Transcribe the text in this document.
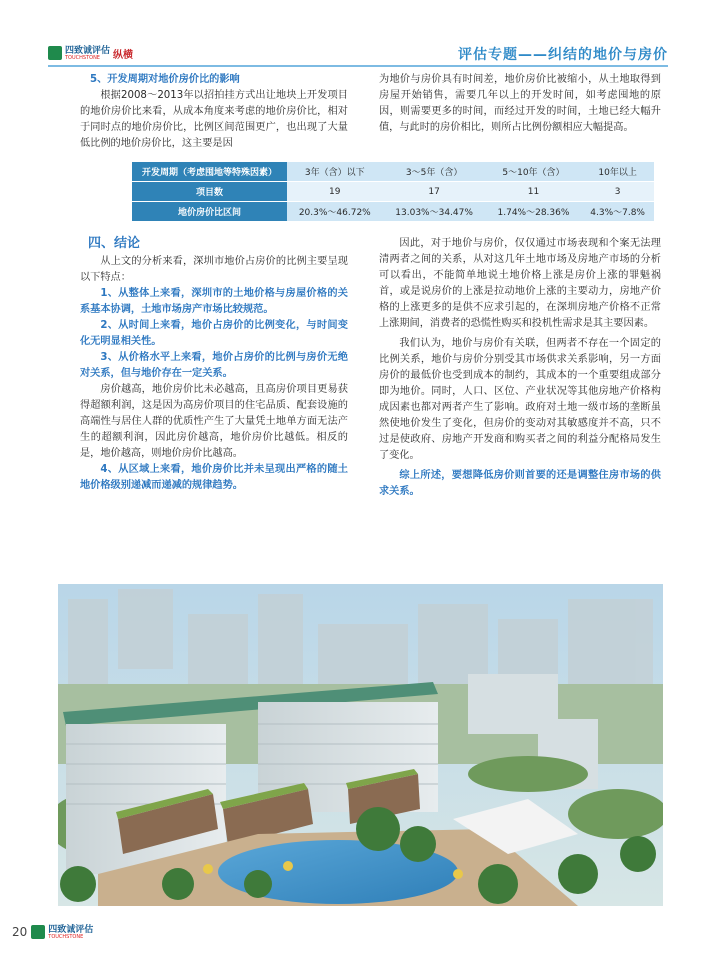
四致诚评估
TOUCHSTONE	纵横	评估专题——纠结的地价与房价

5、开发周期对地价房价比的影响

根据2008～2013年以招拍挂方式出让地块上开发项目的地价房价比来看，从成本角度来考虑的地价房价比，相对于同时点的地价房价比，比例区间范围更广，也出现了大量低比例的地价房价比，这主要是因

为地价与房价具有时间差，地价房价比被缩小，从土地取得到房屋开始销售，需要几年以上的开发时间，如考虑囤地的原因，则需要更多的时间，而经过开发的时间，土地已经大幅升值，与此时的房价相比，则所占比例份额相应大幅提高。

开发周期（考虑囤地等特殊因素）	3年（含）以下	3～5年（含）	5～10年（含）	10年以上
项目数	19	17	11	3
地价房价比区间	20.3%～46.72%	13.03%～34.47%	1.74%～28.36%	4.3%～7.8%

四、结论

从上文的分析来看，深圳市地价占房价的比例主要呈现以下特点：

1、从整体上来看，深圳市的土地价格与房屋价格的关系基本协调，土地市场房产市场比较规范。

2、从时间上来看，地价占房价的比例变化，与时间变化无明显相关性。

3、从价格水平上来看，地价占房价的比例与房价无绝对关系，但与地价存在一定关系。

房价越高，地价房价比未必越高，且高房价项目更易获得超额利润，这是因为高房价项目的住宅品质、配套设施的高端性与居住人群的优质性产生了大量凭土地单方面无法产生的超额利润，因此房价越高，地价房价比越低。相反的是，地价越高，则地价房价比越高。

4、从区域上来看，地价房价比并未呈现出严格的随土地价格级别递减而递减的规律趋势。

因此，对于地价与房价，仅仅通过市场表现和个案无法理清两者之间的关系，从对这几年土地市场及房地产市场的分析可以看出，不能简单地说土地价格上涨是房价上涨的罪魁祸首，或是说房价的上涨是拉动地价上涨的主要动力，房地产价格的上涨更多的是供不应求引起的，在深圳房地产价格不正常上涨期间，消费者的恐慌性购买和投机性需求是其主要因素。

我们认为，地价与房价有关联，但两者不存在一个固定的比例关系，地价与房价分别受其市场供求关系影响，另一方面房价的最低价也受到成本的制约，其成本的一个重要组成部分即为地价。同时，人口、区位、产业状况等其他房地产价格构成因素也都对两者产生了影响。政府对土地一级市场的垄断虽然使地价发生了变化，但房价的变动对其敏感度并不高，只不过是使政府、房地产开发商和购买者之间的利益分配格局发生了变化。

综上所述，要想降低房价则首要的还是调整住房市场的供求关系。

20 四致诚评估
TOUCHSTONE
